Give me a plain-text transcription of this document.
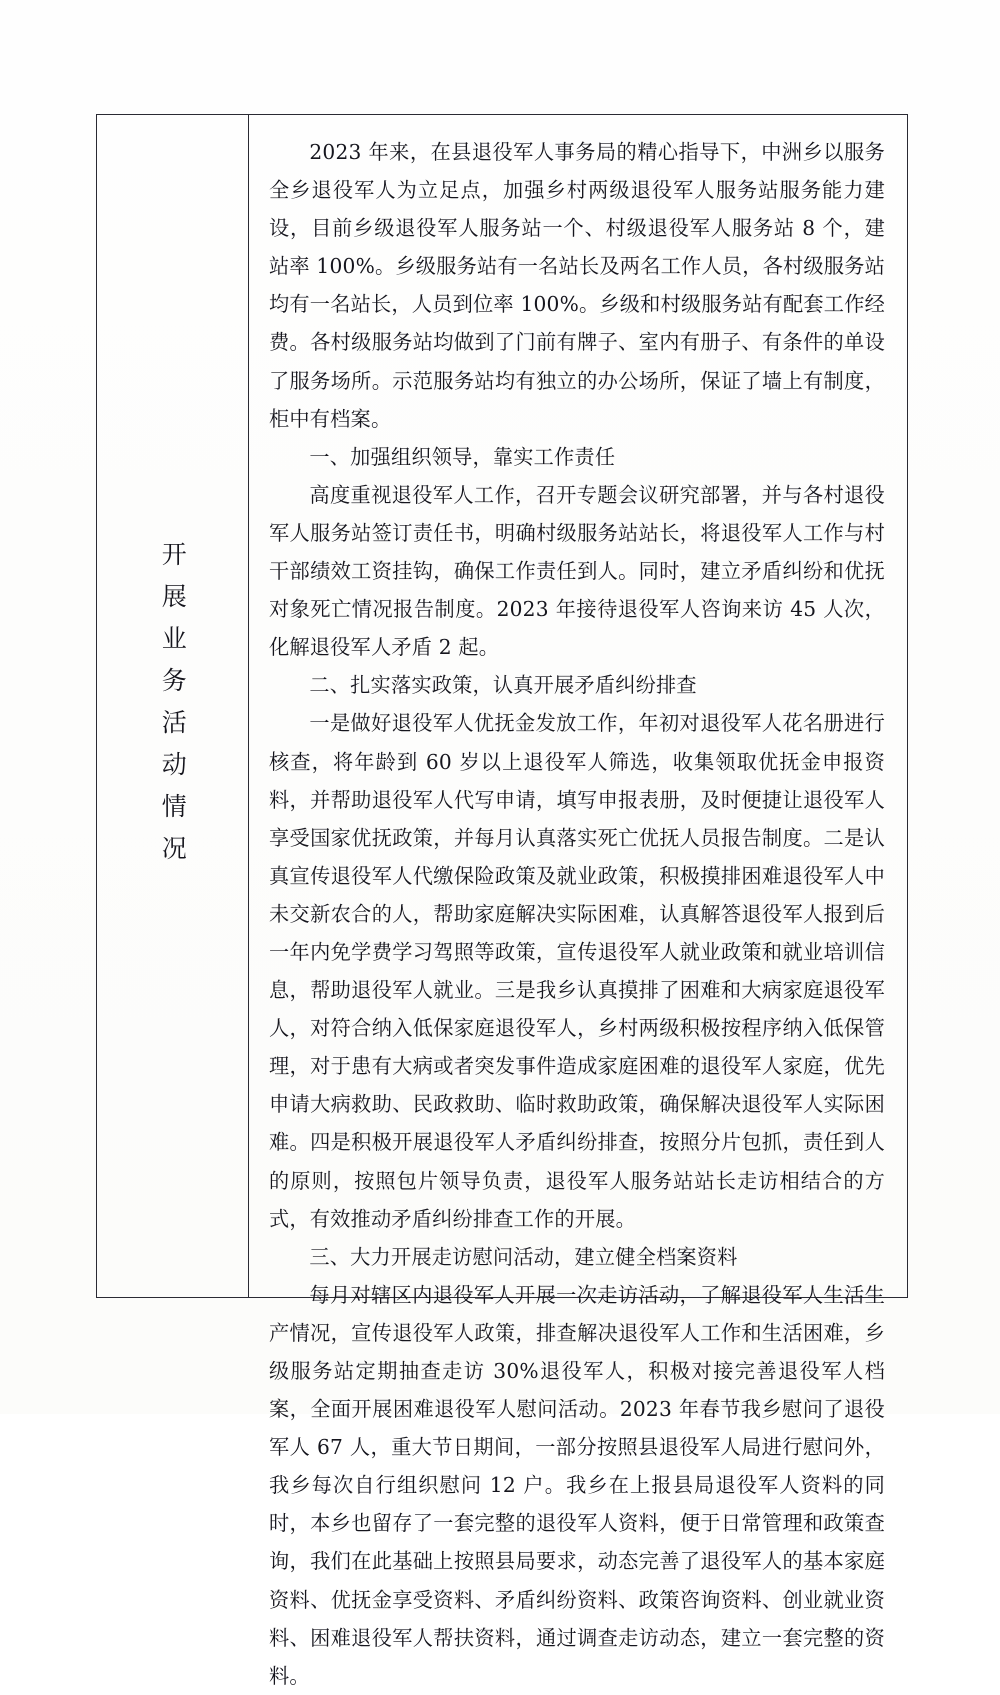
开展业务活动情况

2023 年来，在县退役军人事务局的精心指导下，中洲乡以服务全乡退役军人为立足点，加强乡村两级退役军人服务站服务能力建设，目前乡级退役军人服务站一个、村级退役军人服务站 8 个，建站率 100%。乡级服务站有一名站长及两名工作人员，各村级服务站均有一名站长，人员到位率 100%。乡级和村级服务站有配套工作经费。各村级服务站均做到了门前有牌子、室内有册子、有条件的单设了服务场所。示范服务站均有独立的办公场所，保证了墙上有制度，柜中有档案。

一、加强组织领导，靠实工作责任

高度重视退役军人工作，召开专题会议研究部署，并与各村退役军人服务站签订责任书，明确村级服务站站长，将退役军人工作与村干部绩效工资挂钩，确保工作责任到人。同时，建立矛盾纠纷和优抚对象死亡情况报告制度。2023 年接待退役军人咨询来访 45 人次，化解退役军人矛盾 2 起。

二、扎实落实政策，认真开展矛盾纠纷排查

一是做好退役军人优抚金发放工作，年初对退役军人花名册进行核查，将年龄到 60 岁以上退役军人筛选，收集领取优抚金申报资料，并帮助退役军人代写申请，填写申报表册，及时便捷让退役军人享受国家优抚政策，并每月认真落实死亡优抚人员报告制度。二是认真宣传退役军人代缴保险政策及就业政策，积极摸排困难退役军人中未交新农合的人，帮助家庭解决实际困难，认真解答退役军人报到后一年内免学费学习驾照等政策，宣传退役军人就业政策和就业培训信息，帮助退役军人就业。三是我乡认真摸排了困难和大病家庭退役军人，对符合纳入低保家庭退役军人，乡村两级积极按程序纳入低保管理，对于患有大病或者突发事件造成家庭困难的退役军人家庭，优先申请大病救助、民政救助、临时救助政策，确保解决退役军人实际困难。四是积极开展退役军人矛盾纠纷排查，按照分片包抓，责任到人的原则，按照包片领导负责，退役军人服务站站长走访相结合的方式，有效推动矛盾纠纷排查工作的开展。

三、大力开展走访慰问活动，建立健全档案资料

每月对辖区内退役军人开展一次走访活动，了解退役军人生活生产情况，宣传退役军人政策，排查解决退役军人工作和生活困难，乡级服务站定期抽查走访 30%退役军人，积极对接完善退役军人档案，全面开展困难退役军人慰问活动。2023 年春节我乡慰问了退役军人 67 人，重大节日期间，一部分按照县退役军人局进行慰问外，我乡每次自行组织慰问 12 户。我乡在上报县局退役军人资料的同时，本乡也留存了一套完整的退役军人资料，便于日常管理和政策查询，我们在此基础上按照县局要求，动态完善了退役军人的基本家庭资料、优抚金享受资料、矛盾纠纷资料、政策咨询资料、创业就业资料、困难退役军人帮扶资料，通过调查走访动态，建立一套完整的资料。
